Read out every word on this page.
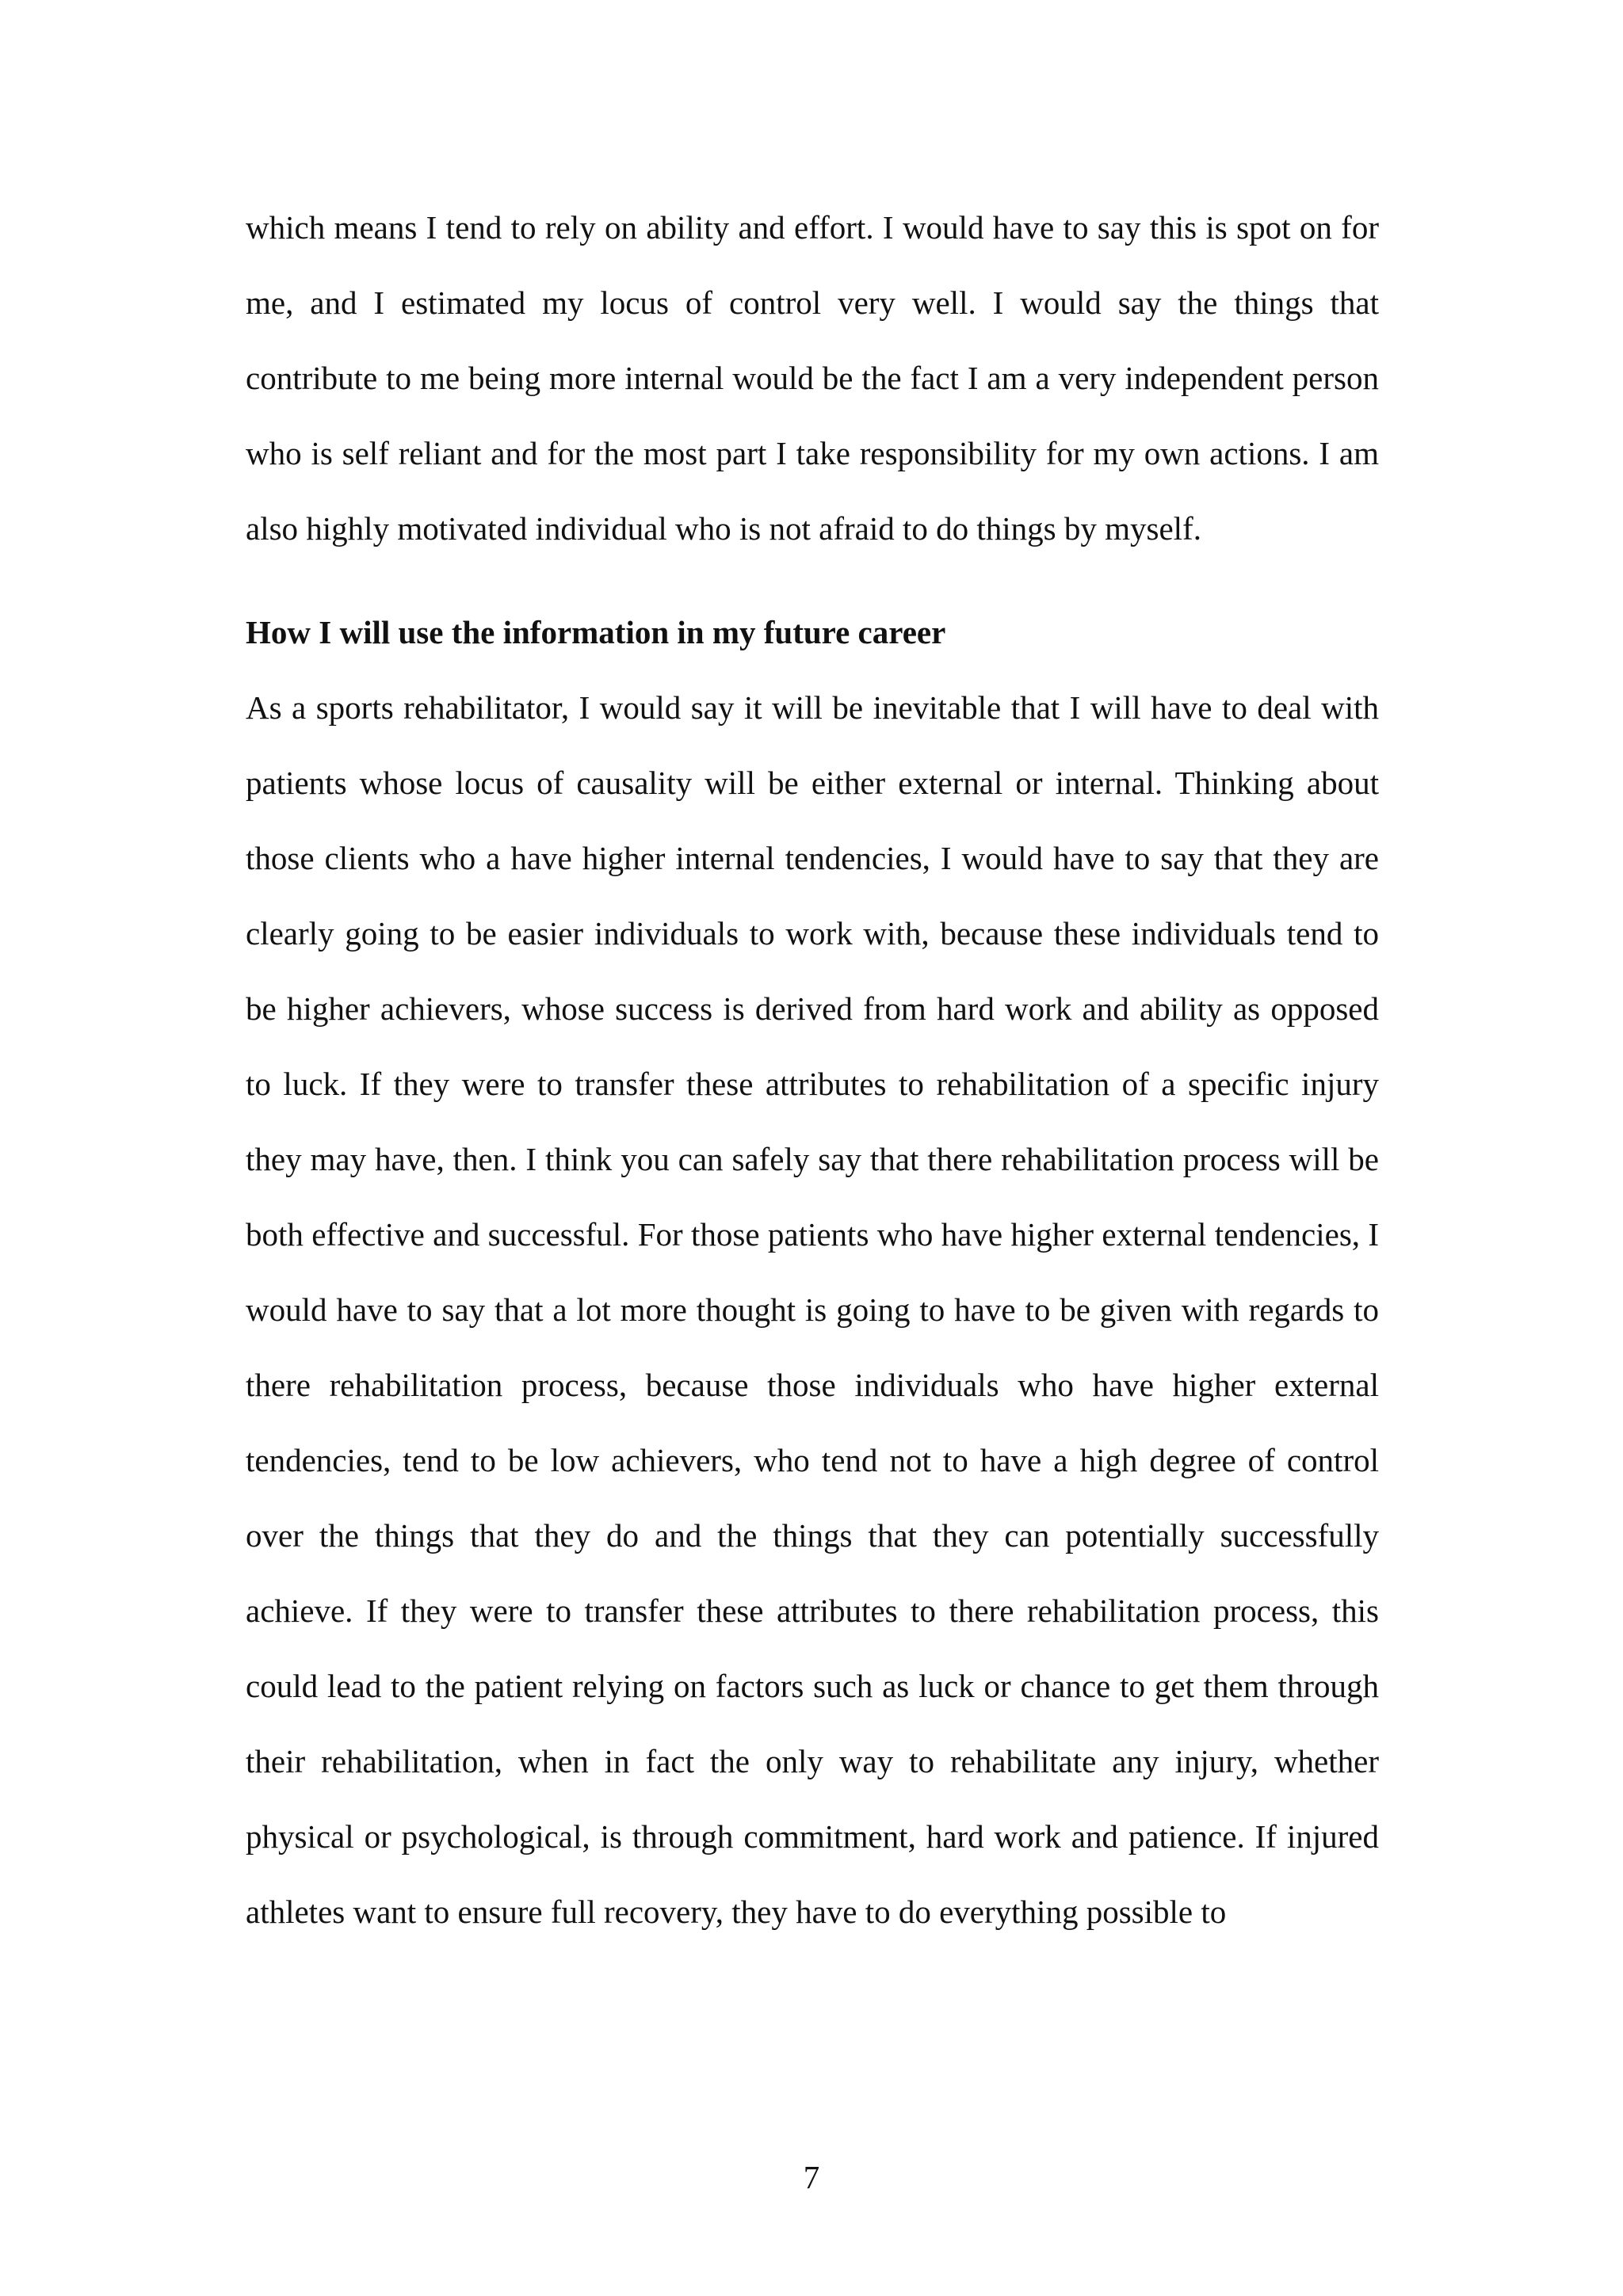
which means I tend to rely on ability and effort. I would have to say this is spot on for me, and I estimated my locus of control very well. I would say the things that contribute to me being more internal would be the fact I am a very independent person who is self reliant and for the most part I take responsibility for my own actions. I am also highly motivated individual who is not afraid to do things by myself.

How I will use the information in my future career

As a sports rehabilitator, I would say it will be inevitable that I will have to deal with patients whose locus of causality will be either external or internal. Thinking about those clients who a have higher internal tendencies, I would have to say that they are clearly going to be easier individuals to work with, because these individuals tend to be higher achievers, whose success is derived from hard work and ability as opposed to luck. If they were to transfer these attributes to rehabilitation of a specific injury they may have, then. I think you can safely say that there rehabilitation process will be both effective and successful. For those patients who have higher external tendencies, I would have to say that a lot more thought is going to have to be given with regards to there rehabilitation process, because those individuals who have higher external tendencies, tend to be low achievers, who tend not to have a high degree of control over the things that they do and the things that they can potentially successfully achieve. If they were to transfer these attributes to there rehabilitation process, this could lead to the patient relying on factors such as luck or chance to get them through their rehabilitation, when in fact the only way to rehabilitate any injury, whether physical or psychological, is through commitment, hard work and patience. If injured athletes want to ensure full recovery, they have to do everything possible to

7
